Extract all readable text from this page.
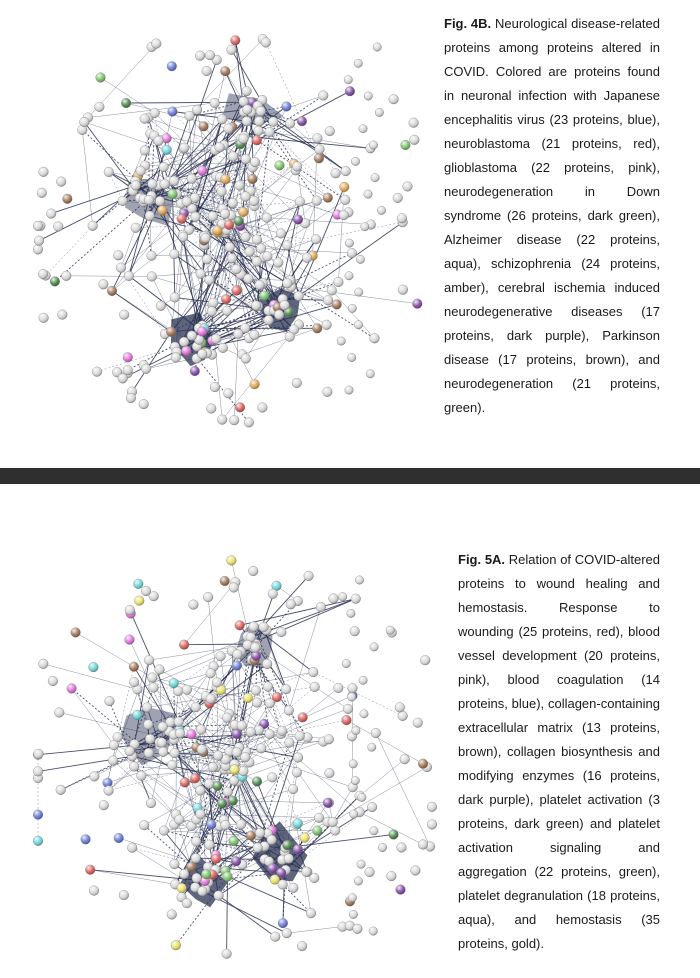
Fig. 4B. Neurological disease-related proteins among proteins altered in COVID. Colored are proteins found in neuronal infection with Japanese encephalitis virus (23 proteins, blue), neuroblastoma (21 proteins, red), glioblastoma (22 proteins, pink), neurodegeneration in Down syndrome (26 proteins, dark green), Alzheimer disease (22 proteins, aqua), schizophrenia (24 proteins, amber), cerebral ischemia induced neurodegenerative diseases (17 proteins, dark purple), Parkinson disease (17 proteins, brown), and neurodegeneration (21 proteins, green).
Fig. 5A. Relation of COVID-altered proteins to wound healing and hemostasis. Response to wounding (25 proteins, red), blood vessel development (20 proteins, pink), blood coagulation (14 proteins, blue), collagen-containing extracellular matrix (13 proteins, brown), collagen biosynthesis and modifying enzymes (16 proteins, dark purple), platelet activation (3 proteins, dark green) and platelet activation signaling and aggregation (22 proteins, green), platelet degranulation (18 proteins, aqua), and hemostasis (35 proteins, gold).
